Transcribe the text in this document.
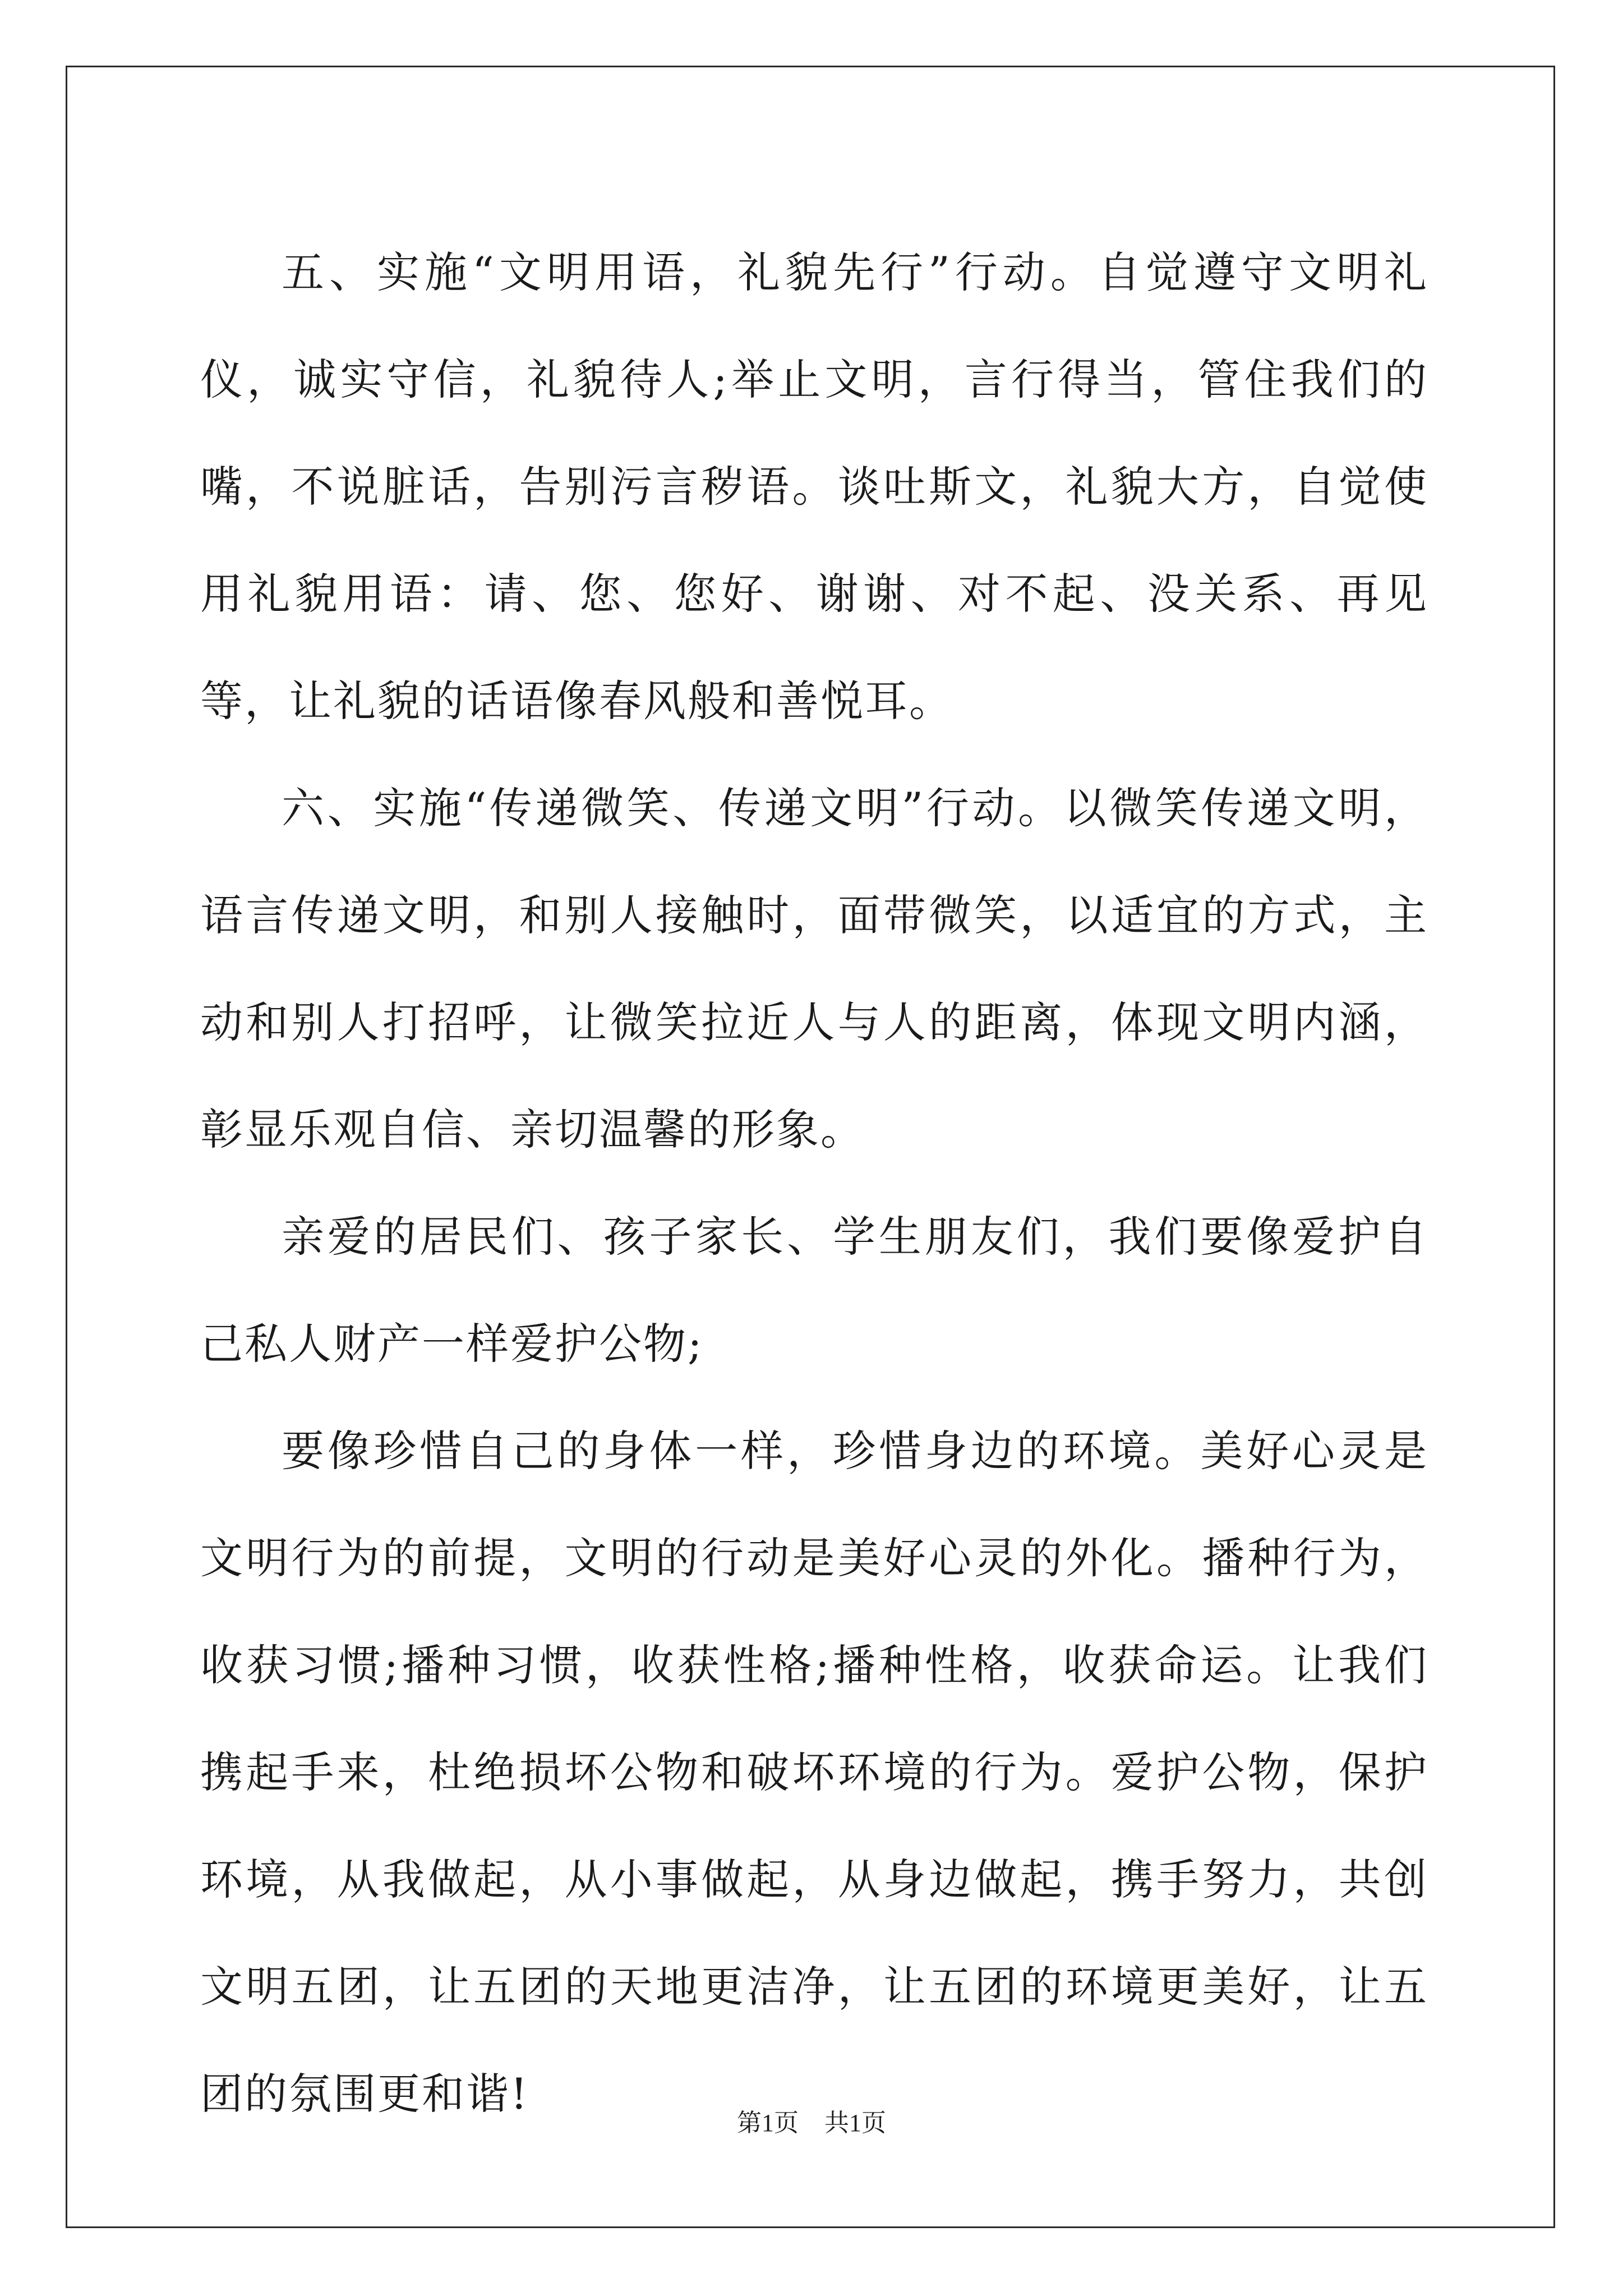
五、实施“文明用语，礼貌先行”行动。自觉遵守文明礼仪，诚实守信，礼貌待人;举止文明，言行得当，管住我们的嘴，不说脏话，告别污言秽语。谈吐斯文，礼貌大方，自觉使用礼貌用语：请、您、您好、谢谢、对不起、没关系、再见等，让礼貌的话语像春风般和善悦耳。

六、实施“传递微笑、传递文明”行动。以微笑传递文明，语言传递文明，和别人接触时，面带微笑，以适宜的方式，主动和别人打招呼，让微笑拉近人与人的距离，体现文明内涵，彰显乐观自信、亲切温馨的形象。

亲爱的居民们、孩子家长、学生朋友们，我们要像爱护自己私人财产一样爱护公物;

要像珍惜自己的身体一样，珍惜身边的环境。美好心灵是文明行为的前提，文明的行动是美好心灵的外化。播种行为，收获习惯;播种习惯，收获性格;播种性格，收获命运。让我们携起手来，杜绝损坏公物和破坏环境的行为。爱护公物，保护环境，从我做起，从小事做起，从身边做起，携手努力，共创文明五团，让五团的天地更洁净，让五团的环境更美好，让五团的氛围更和谐!

第1页 共1页
